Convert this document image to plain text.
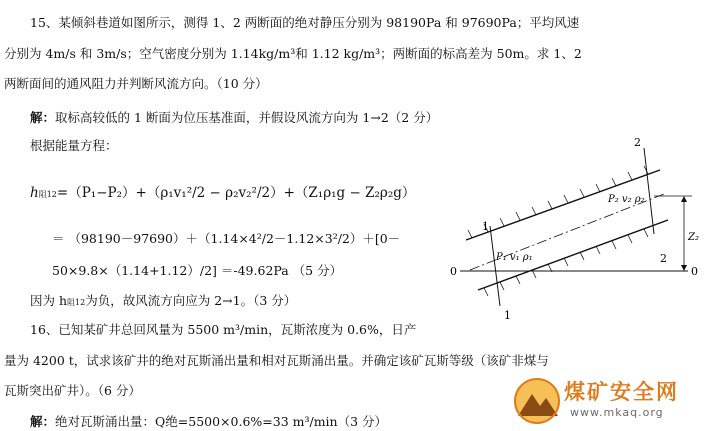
15、某倾斜巷道如图所示，测得 1、2 两断面的绝对静压分别为 98190Pa 和 97690Pa；平均风速
分别为 4m/s 和 3m/s；空气密度分别为 1.14kg/m³和 1.12 kg/m³；两断面的标高差为 50m。求 1、2
两断面间的通风阻力并判断风流方向。（10 分）
解：取标高较低的 1 断面为位压基准面，并假设风流方向为 1→2（2 分）
根据能量方程：
h阻12=（P₁−P₂）+（ρ₁v₁²/2 − ρ₂v₂²/2）+（Z₁ρ₁g − Z₂ρ₂g）
＝ （98190－97690）＋（1.14×4²/2－1.12×3²/2）＋[0－
50×9.8×（1.14+1.12）/2] ＝-49.62Pa （5 分）
因为 h阻12为负，故风流方向应为 2→1。（3 分）
16、已知某矿井总回风量为 5500 m³/min，瓦斯浓度为 0.6%，日产
量为 4200 t，试求该矿井的绝对瓦斯涌出量和相对瓦斯涌出量。并确定该矿瓦斯等级（该矿非煤与
瓦斯突出矿井）。（6 分）
解：绝对瓦斯涌出量：Q绝=5500×0.6%=33 m³/min（3 分）
1
1
2
2
0	0
P₁ v₁ ρ₁
P₂ v₂ ρ₂
Z₂
煤矿安全网
www.mkaq.org
